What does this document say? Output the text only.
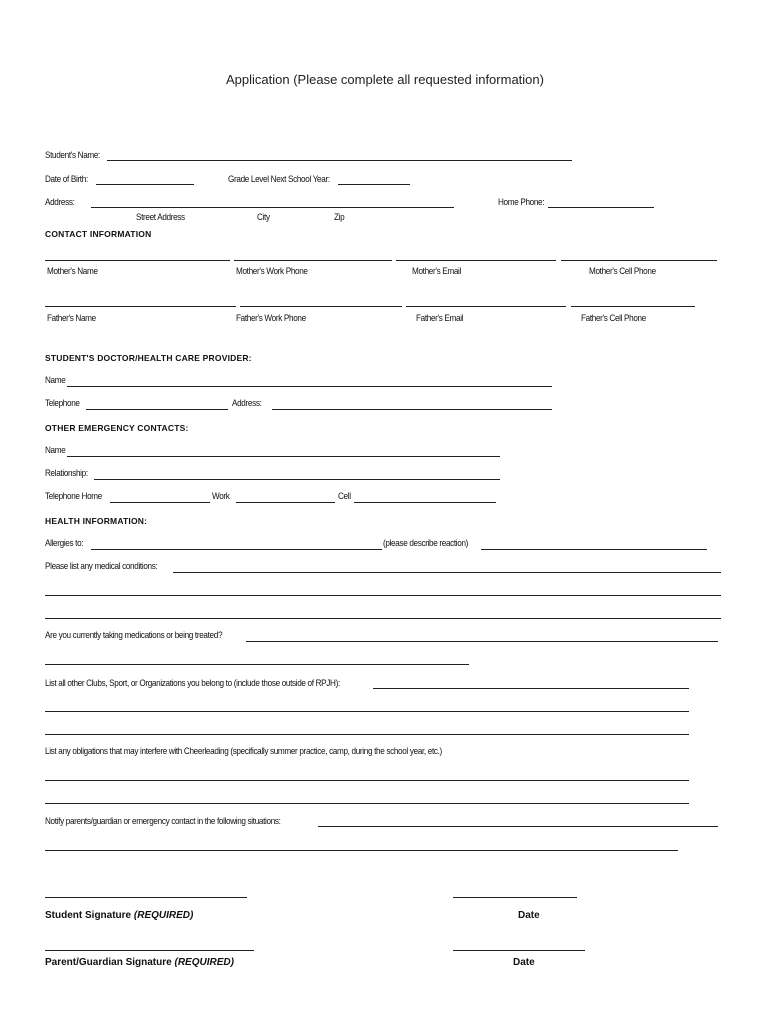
Application (Please complete all requested information)
Student's Name:
Date of Birth:	Grade Level Next School Year:
Address:	Home Phone:
Street Address	City	Zip
CONTACT INFORMATION
Mother's Name	Mother's Work Phone	Mother's Email	Mother's Cell Phone
Father's Name	Father's Work Phone	Father's Email	Father's Cell Phone
STUDENT'S DOCTOR/HEALTH CARE PROVIDER:
Name
Telephone	Address:
OTHER EMERGENCY CONTACTS:
Name
Relationship:
Telephone Home	Work	Cell
HEALTH INFORMATION:
Allergies to:	(please describe reaction)
Please list any medical conditions:
Are you currently taking medications or being treated?
List all other Clubs, Sport, or Organizations you belong to (include those outside of RPJH):
List any obligations that may interfere with Cheerleading (specifically summer practice, camp, during the school year, etc.)
Notify parents/guardian or emergency contact in the following situations:
Student Signature (REQUIRED)	Date
Parent/Guardian Signature (REQUIRED)	Date
